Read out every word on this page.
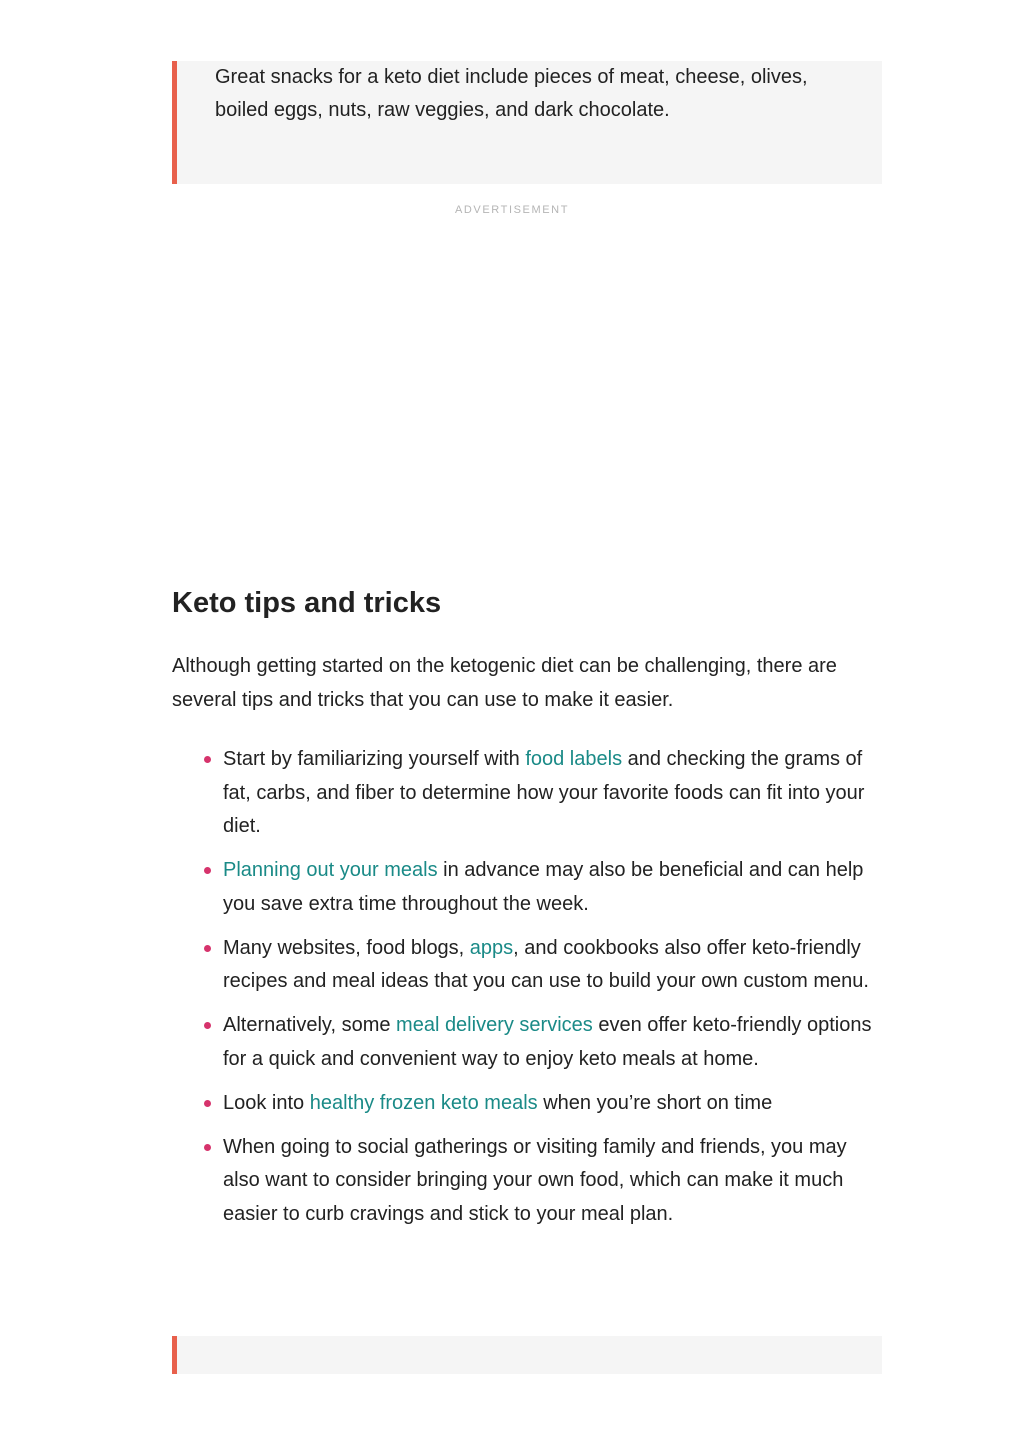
Great snacks for a keto diet include pieces of meat, cheese, olives, boiled eggs, nuts, raw veggies, and dark chocolate.

ADVERTISEMENT
Keto tips and tricks

Although getting started on the ketogenic diet can be challenging, there are several tips and tricks that you can use to make it easier.

Start by familiarizing yourself with food labels and checking the grams of fat, carbs, and fiber to determine how your favorite foods can fit into your diet.
Planning out your meals in advance may also be beneficial and can help you save extra time throughout the week.
Many websites, food blogs, apps, and cookbooks also offer keto-friendly recipes and meal ideas that you can use to build your own custom menu.
Alternatively, some meal delivery services even offer keto-friendly options for a quick and convenient way to enjoy keto meals at home.
Look into healthy frozen keto meals when you’re short on time
When going to social gatherings or visiting family and friends, you may also want to consider bringing your own food, which can make it much easier to curb cravings and stick to your meal plan.
